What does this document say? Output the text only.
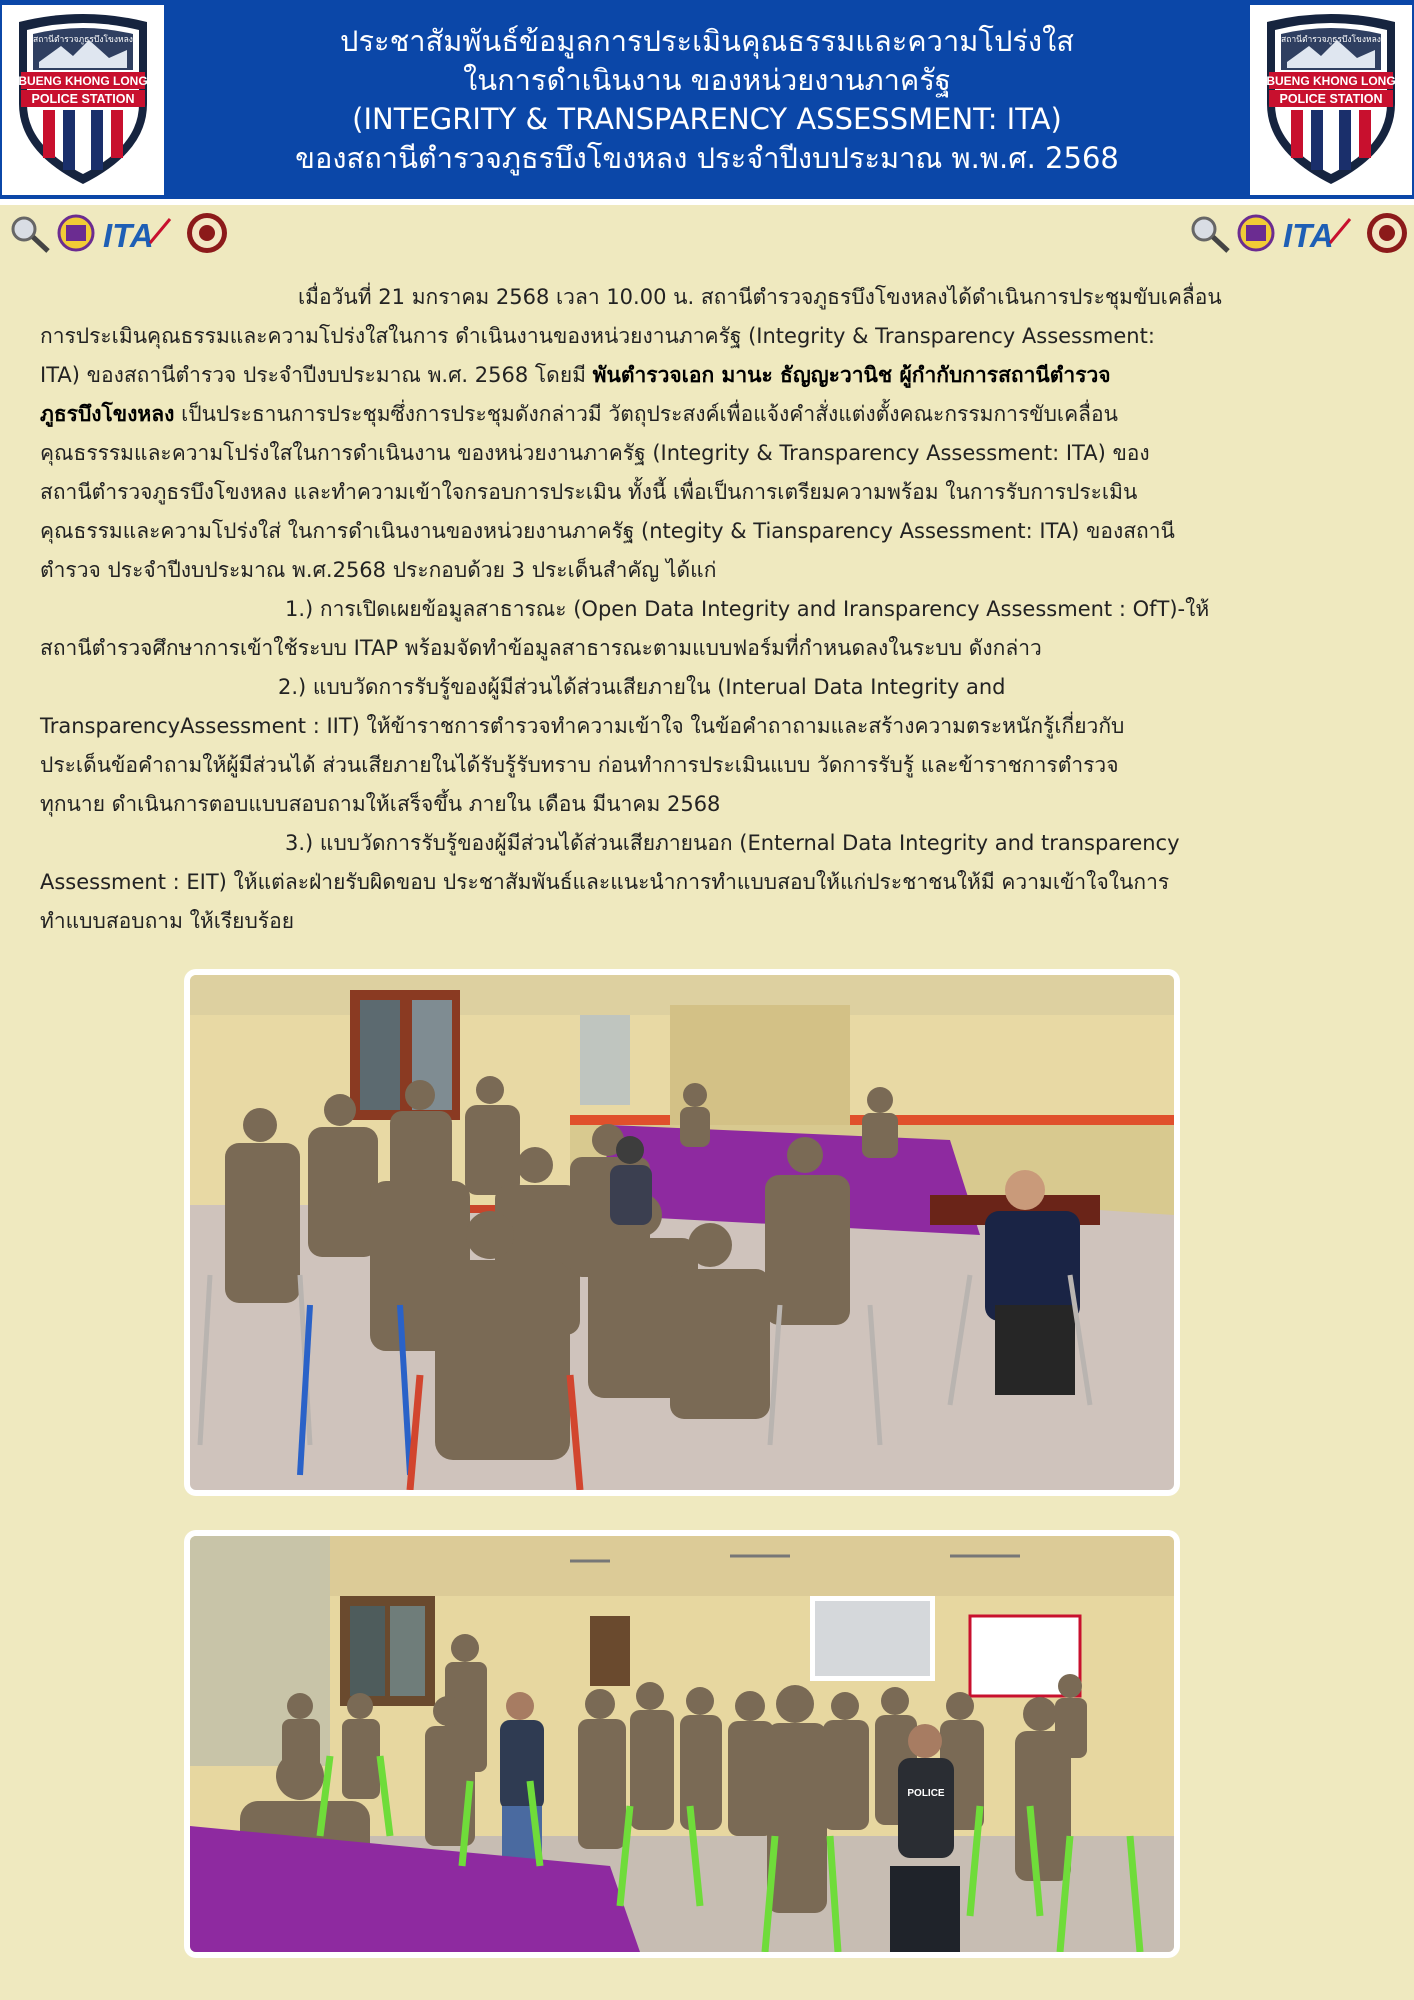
สถานีตำรวจภูธรบึงโขงหลง
BUENG KHONG LONG
POLICE STATION
ประชาสัมพันธ์ข้อมูลการประเมินคุณธรรมและความโปร่งใส
ในการดำเนินงาน ของหน่วยงานภาครัฐ
(INTEGRITY & TRANSPARENCY ASSESSMENT: ITA)
ของสถานีตำรวจภูธรบึงโขงหลง ประจำปีงบประมาณ พ.พ.ศ. 2568
สถานีตำรวจภูธรบึงโขงหลง
BUENG KHONG LONG
POLICE STATION
ITA	ITA

เมื่อวันที่ 21 มกราคม 2568 เวลา 10.00 น. สถานีตำรวจภูธรบึงโขงหลงได้ดำเนินการประชุมขับเคลื่อน

การประเมินคุณธรรมและความโปร่งใสในการ ดำเนินงานของหน่วยงานภาครัฐ (Integrity & Transparency Assessment:

ITA) ของสถานีตำรวจ ประจำปีงบประมาณ พ.ศ. 2568 โดยมี พันตำรวจเอก มานะ ธัญญะวานิช ผู้กำกับการสถานีตำรวจ

ภูธรบึงโขงหลง เป็นประธานการประชุมซึ่งการประชุมดังกล่าวมี วัตถุประสงค์เพื่อแจ้งคำสั่งแต่งตั้งคณะกรรมการขับเคลื่อน

คุณธรรรมและความโปร่งใสในการดำเนินงาน ของหน่วยงานภาครัฐ (Integrity & Transparency Assessment: ITA) ของ

สถานีตำรวจภูธรบึงโขงหลง และทำความเข้าใจกรอบการประเมิน ทั้งนี้ เพื่อเป็นการเตรียมความพร้อม ในการรับการประเมิน

คุณธรรมและความโปร่งใส่ ในการดำเนินงานของหน่วยงานภาครัฐ (ntegity & Tiansparency Assessment: ITA) ของสถานี

ตำรวจ ประจำปีงบประมาณ พ.ศ.2568 ประกอบด้วย 3 ประเด็นสำคัญ ได้แก่

1.) การเปิดเผยข้อมูลสาธารณะ (Open Data Integrity and Iransparency Assessment : OfT)-ให้

สถานีตำรวจศึกษาการเข้าใช้ระบบ ITAP พร้อมจัดทำข้อมูลสาธารณะตามแบบฟอร์มที่กำหนดลงในระบบ ดังกล่าว

2.) แบบวัดการรับรู้ของผู้มีส่วนได้ส่วนเสียภายใน (Interual Data Integrity and

TransparencyAssessment : IIT) ให้ข้าราชการตำรวจทำความเข้าใจ ในข้อคำถาถามและสร้างความตระหนักรู้เกี่ยวกับ

ประเด็นข้อคำถามให้ผู้มีส่วนได้ ส่วนเสียภายในได้รับรู้รับทราบ ก่อนทำการประเมินแบบ วัดการรับรู้ และข้าราชการตำรวจ

ทุกนาย ดำเนินการตอบแบบสอบถามให้เสร็จขึ้น ภายใน เดือน มีนาคม 2568

3.) แบบวัดการรับรู้ของผู้มีส่วนได้ส่วนเสียภายนอก (Enternal Data Integrity and transparency

Assessment : EIT) ให้แต่ละฝ่ายรับผิดขอบ ประชาสัมพันธ์และแนะนำการทำแบบสอบให้แก่ประชาชนให้มี ความเข้าใจในการ

ทำแบบสอบถาม ให้เรียบร้อย

POLICE
